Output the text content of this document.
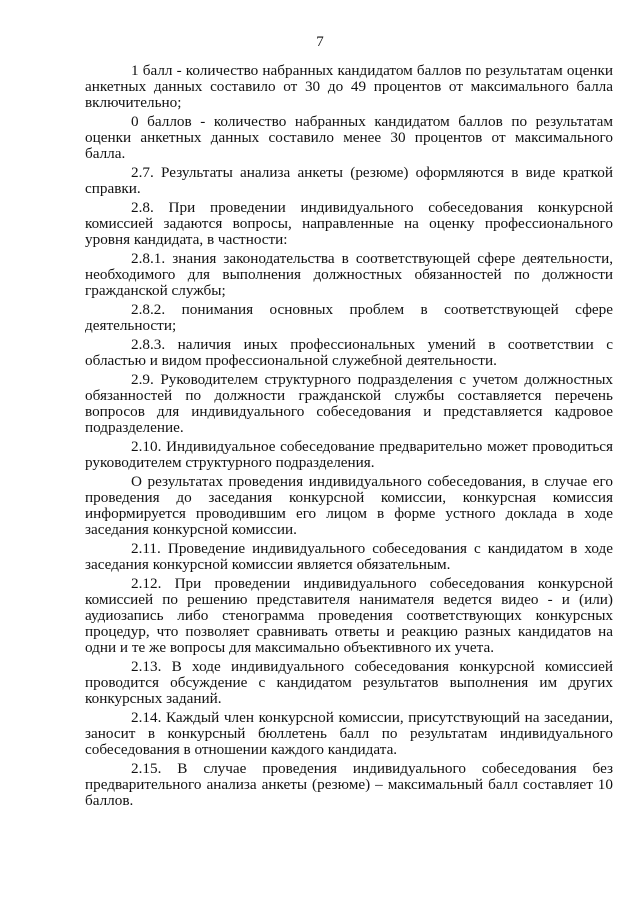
7

1 балл - количество набранных кандидатом баллов по результатам оценки анкетных данных составило от 30 до 49 процентов от максимального балла включительно;

0 баллов - количество набранных кандидатом баллов по результатам оценки анкетных данных составило менее 30 процентов от максимального балла.

2.7. Результаты анализа анкеты (резюме) оформляются в виде краткой справки.

2.8. При проведении индивидуального собеседования конкурсной комиссией задаются вопросы, направленные на оценку профессионального уровня кандидата, в частности:

2.8.1. знания законодательства в соответствующей сфере деятельности, необходимого для выполнения должностных обязанностей по должности гражданской службы;

2.8.2. понимания основных проблем в соответствующей сфере деятельности;

2.8.3. наличия иных профессиональных умений в соответствии с областью и видом профессиональной служебной деятельности.

2.9. Руководителем структурного подразделения с учетом должностных обязанностей по должности гражданской службы составляется перечень вопросов для индивидуального собеседования и представляется кадровое подразделение.

2.10. Индивидуальное собеседование предварительно может проводиться руководителем структурного подразделения.

О результатах проведения индивидуального собеседования, в случае его проведения до заседания конкурсной комиссии, конкурсная комиссия информируется проводившим его лицом в форме устного доклада в ходе заседания конкурсной комиссии.

2.11. Проведение индивидуального собеседования с кандидатом в ходе заседания конкурсной комиссии является обязательным.

2.12. При проведении индивидуального собеседования конкурсной комиссией по решению представителя нанимателя ведется видео - и (или) аудиозапись либо стенограмма проведения соответствующих конкурсных процедур, что позволяет сравнивать ответы и реакцию разных кандидатов на одни и те же вопросы для максимально объективного их учета.

2.13. В ходе индивидуального собеседования конкурсной комиссией проводится обсуждение с кандидатом результатов выполнения им других конкурсных заданий.

2.14. Каждый член конкурсной комиссии, присутствующий на заседании, заносит в конкурсный бюллетень балл по результатам индивидуального собеседования в отношении каждого кандидата.

2.15. В случае проведения индивидуального собеседования без предварительного анализа анкеты (резюме) – максимальный балл составляет 10 баллов.
